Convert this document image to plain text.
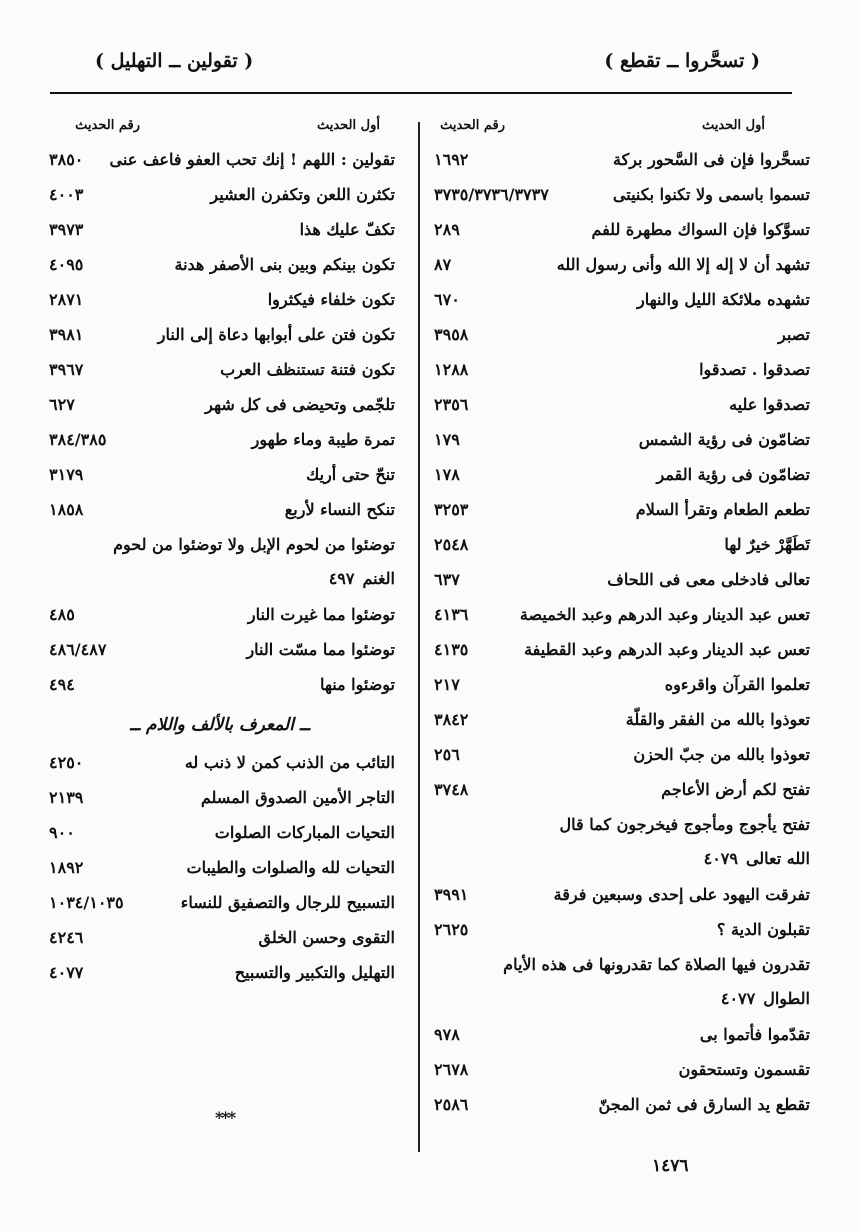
( تسحَّروا ــ تقطع )
( تقولين ــ التهليل )
أول الحديث
رقم الحديث
أول الحديث
رقم الحديث
تسحَّروا فإن فى السَّحور بركة
١٦٩٢
تسموا باسمى ولا تكنوا بكنيتى
٣٧٣٥/٣٧٣٦/٣٧٣٧
تسوَّكوا فإن السواك مطهرة للفم
٢٨٩
تشهد أن لا إله إلا الله وأنى رسول الله
٨٧
تشهده ملائكة الليل والنهار
٦٧٠
تصبر
٣٩٥٨
تصدقوا . تصدقوا
١٢٨٨
تصدقوا عليه
٢٣٥٦
تضامّون فى رؤية الشمس
١٧٩
تضامّون فى رؤية القمر
١٧٨
تطعم الطعام وتقرأ السلام
٣٢٥٣
تَطَهَّرْ خيرٌ لها
٢٥٤٨
تعالى فادخلى معى فى اللحاف
٦٣٧
تعس عبد الدينار وعبد الدرهم وعبد الخميصة
٤١٣٦
تعس عبد الدينار وعبد الدرهم وعبد القطيفة
٤١٣٥
تعلموا القرآن واقرءوه
٢١٧
تعوذوا بالله من الفقر والقلّة
٣٨٤٢
تعوذوا بالله من جبّ الحزن
٢٥٦
تفتح لكم أرض الأعاجم
٣٧٤٨
تفتح يأجوج ومأجوج فيخرجون كما قال
الله تعالى
٤٠٧٩
تفرقت اليهود على إحدى وسبعين فرقة
٣٩٩١
تقبلون الدية ؟
٢٦٢٥
تقدرون فيها الصلاة كما تقدرونها فى هذه الأيام
الطوال
٤٠٧٧
تقدّموا فأتموا بى
٩٧٨
تقسمون وتستحقون
٢٦٧٨
تقطع يد السارق فى ثمن المجنّ
٢٥٨٦
تقولين : اللهم ! إنك تحب العفو فاعف عنى
٣٨٥٠
تكثرن اللعن وتكفرن العشير
٤٠٠٣
تكفّ عليك هذا
٣٩٧٣
تكون بينكم وبين بنى الأصفر هدنة
٤٠٩٥
تكون خلفاء فيكثروا
٢٨٧١
تكون فتن على أبوابها دعاة إلى النار
٣٩٨١
تكون فتنة تستنظف العرب
٣٩٦٧
تلجّمى وتحيضى فى كل شهر
٦٢٧
تمرة طيبة وماء طهور
٣٨٤/٣٨٥
تنحّ حتى أريك
٣١٧٩
تنكح النساء لأربع
١٨٥٨
توضئوا من لحوم الإبل ولا توضئوا من لحوم
الغنم
٤٩٧
توضئوا مما غيرت النار
٤٨٥
توضئوا مما مسّت النار
٤٨٦/٤٨٧
توضئوا منها
٤٩٤
ــ المعرف بالألف واللام ــ
التائب من الذنب كمن لا ذنب له
٤٢٥٠
التاجر الأمين الصدوق المسلم
٢١٣٩
التحيات المباركات الصلوات
٩٠٠
التحيات لله والصلوات والطيبات
١٨٩٢
التسبيح للرجال والتصفيق للنساء
١٠٣٤/١٠٣٥
التقوى وحسن الخلق
٤٢٤٦
التهليل والتكبير والتسبيح
٤٠٧٧
***
١٤٧٦
